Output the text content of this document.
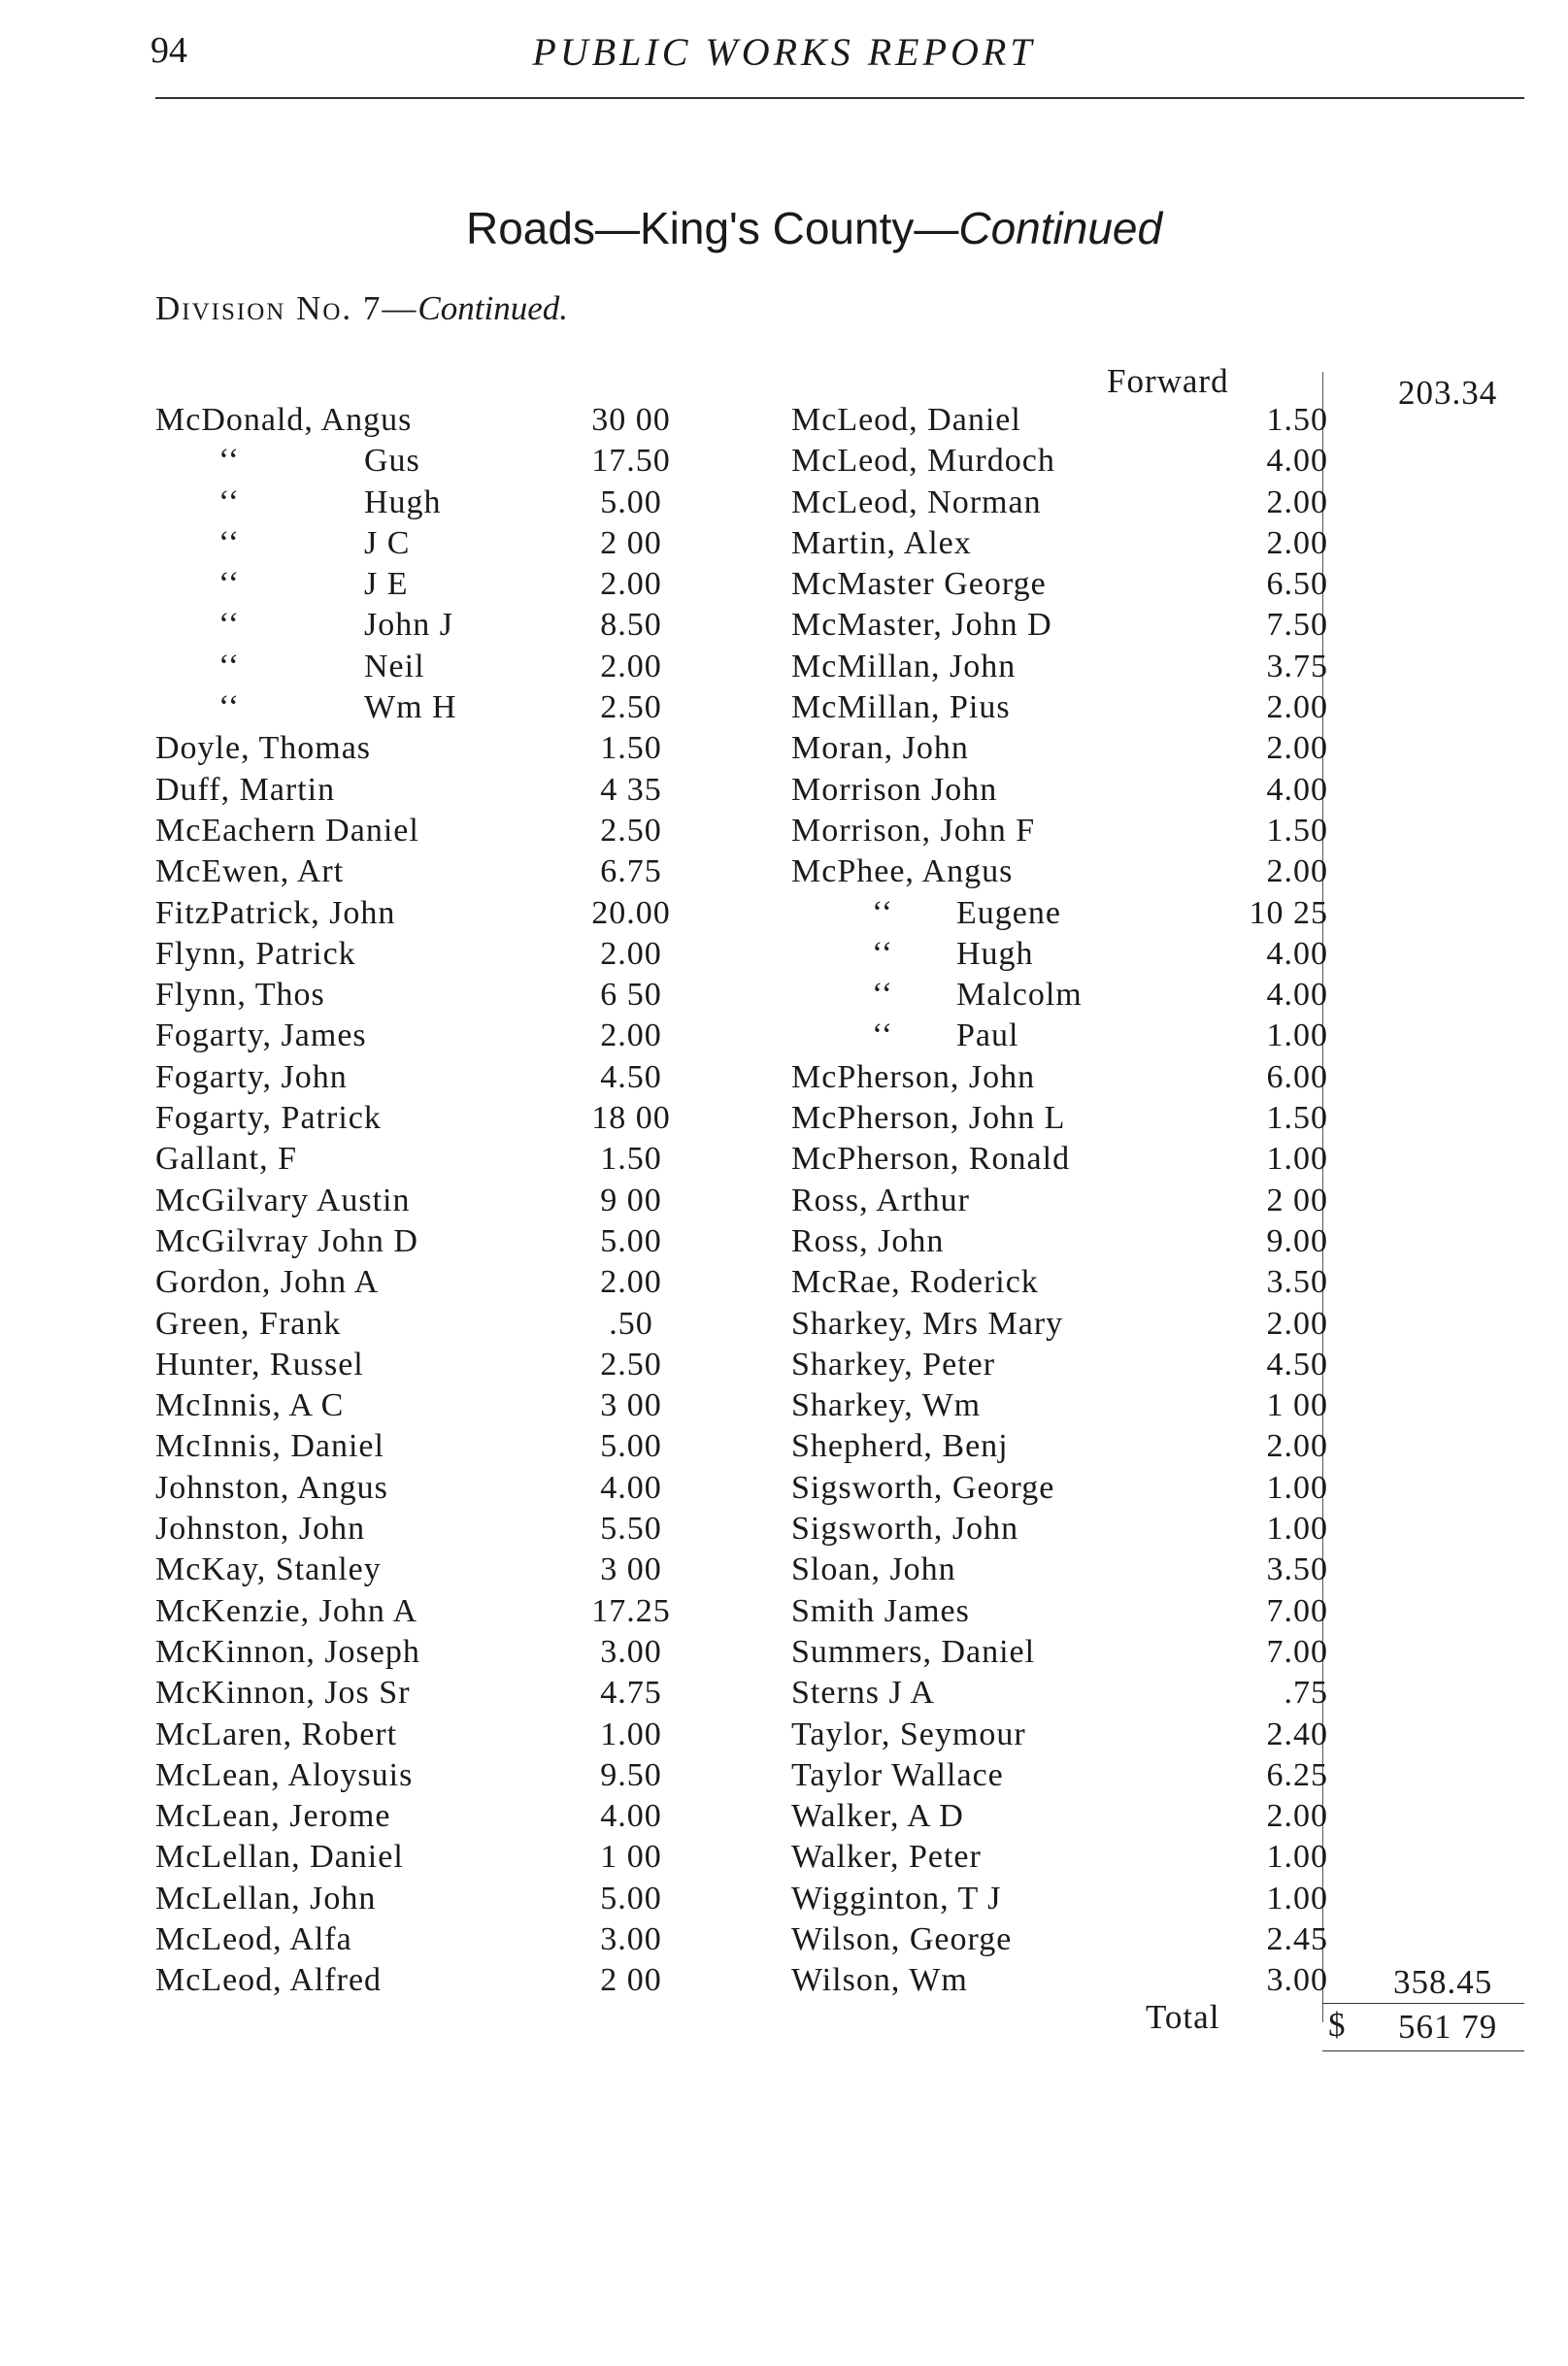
94	PUBLIC WORKS REPORT
Roads—King's County—Continued
Division No. 7—Continued.
Forward	203.34
McDonald, Angus	30 00	McLeod, Daniel	1.50
‘‘	Gus	17.50	McLeod, Murdoch	4.00
‘‘	Hugh	5.00	McLeod, Norman	2.00
‘‘	J C	2 00	Martin, Alex	2.00
‘‘	J E	2.00	McMaster George	6.50
‘‘	John J	8.50	McMaster, John D	7.50
‘‘	Neil	2.00	McMillan, John	3.75
‘‘	Wm H	2.50	McMillan, Pius	2.00
Doyle, Thomas	1.50	Moran, John	2.00
Duff, Martin	4 35	Morrison John	4.00
McEachern Daniel	2.50	Morrison, John F	1.50
McEwen, Art	6.75	McPhee, Angus	2.00
FitzPatrick, John	20.00	‘‘ Eugene	10 25
Flynn, Patrick	2.00	‘‘ Hugh	4.00
Flynn, Thos	6 50	‘‘ Malcolm	4.00
Fogarty, James	2.00	‘‘ Paul	1.00
Fogarty, John	4.50	McPherson, John	6.00
Fogarty, Patrick	18 00	McPherson, John L	1.50
Gallant, F	1.50	McPherson, Ronald	1.00
McGilvary Austin	9 00	Ross, Arthur	2 00
McGilvray John D	5.00	Ross, John	9.00
Gordon, John A	2.00	McRae, Roderick	3.50
Green, Frank	.50	Sharkey, Mrs Mary	2.00
Hunter, Russel	2.50	Sharkey, Peter	4.50
McInnis, A C	3 00	Sharkey, Wm	1 00
McInnis, Daniel	5.00	Shepherd, Benj	2.00
Johnston, Angus	4.00	Sigsworth, George	1.00
Johnston, John	5.50	Sigsworth, John	1.00
McKay, Stanley	3 00	Sloan, John	3.50
McKenzie, John A	17.25	Smith James	7.00
McKinnon, Joseph	3.00	Summers, Daniel	7.00
McKinnon, Jos Sr	4.75	Sterns J A	.75
McLaren, Robert	1.00	Taylor, Seymour	2.40
McLean, Aloysuis	9.50	Taylor Wallace	6.25
McLean, Jerome	4.00	Walker, A D	2.00
McLellan, Daniel	1 00	Walker, Peter	1.00
McLellan, John	5.00	Wigginton, T J	1.00
McLeod, Alfa	3.00	Wilson, George	2.45
McLeod, Alfred	2 00	Wilson, Wm	3.00 358.45
Total	$ 561 79
